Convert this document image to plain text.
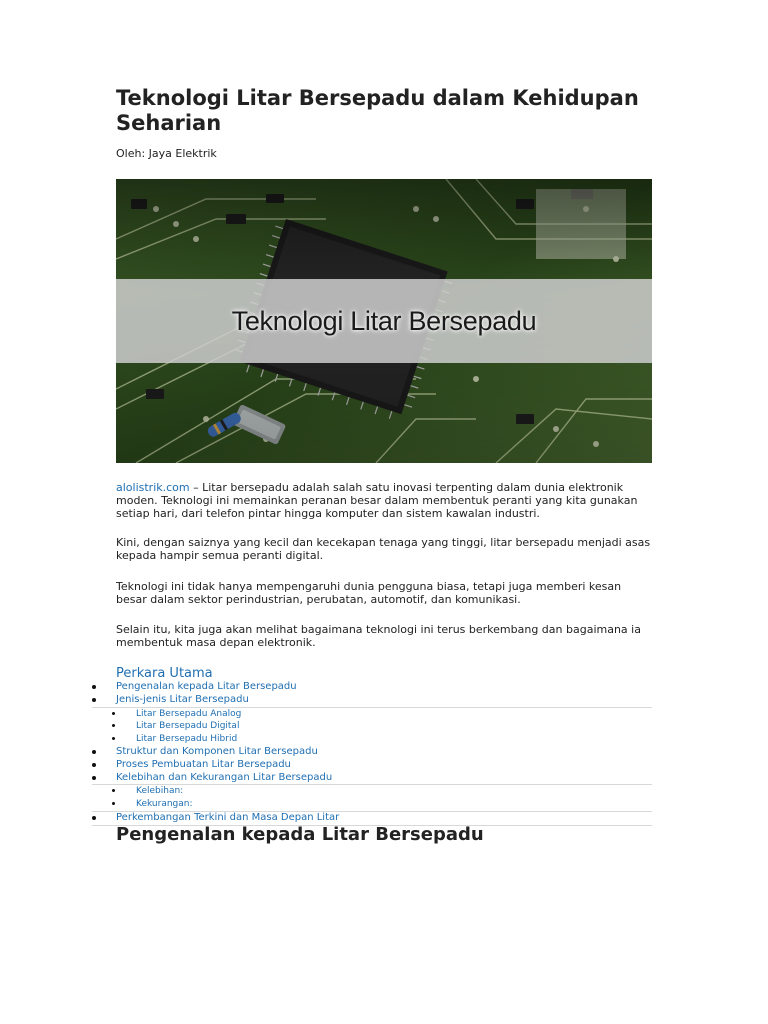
Teknologi Litar Bersepadu dalam Kehidupan Seharian
Oleh: Jaya Elektrik
Teknologi Litar Bersepadu

alolistrik.com – Litar bersepadu adalah salah satu inovasi terpenting dalam dunia elektronik moden. Teknologi ini memainkan peranan besar dalam membentuk peranti yang kita gunakan setiap hari, dari telefon pintar hingga komputer dan sistem kawalan industri.

Kini, dengan saiznya yang kecil dan kecekapan tenaga yang tinggi, litar bersepadu menjadi asas kepada hampir semua peranti digital.

Teknologi ini tidak hanya mempengaruhi dunia pengguna biasa, tetapi juga memberi kesan besar dalam sektor perindustrian, perubatan, automotif, dan komunikasi.

Selain itu, kita juga akan melihat bagaimana teknologi ini terus berkembang dan bagaimana ia membentuk masa depan elektronik.

Perkara Utama
Pengenalan kepada Litar Bersepadu
Jenis-jenis Litar Bersepadu
Litar Bersepadu Analog
Litar Bersepadu Digital
Litar Bersepadu Hibrid
Struktur dan Komponen Litar Bersepadu
Proses Pembuatan Litar Bersepadu
Kelebihan dan Kekurangan Litar Bersepadu
Kelebihan:
Kekurangan:
Perkembangan Terkini dan Masa Depan Litar
Pengenalan kepada Litar Bersepadu
